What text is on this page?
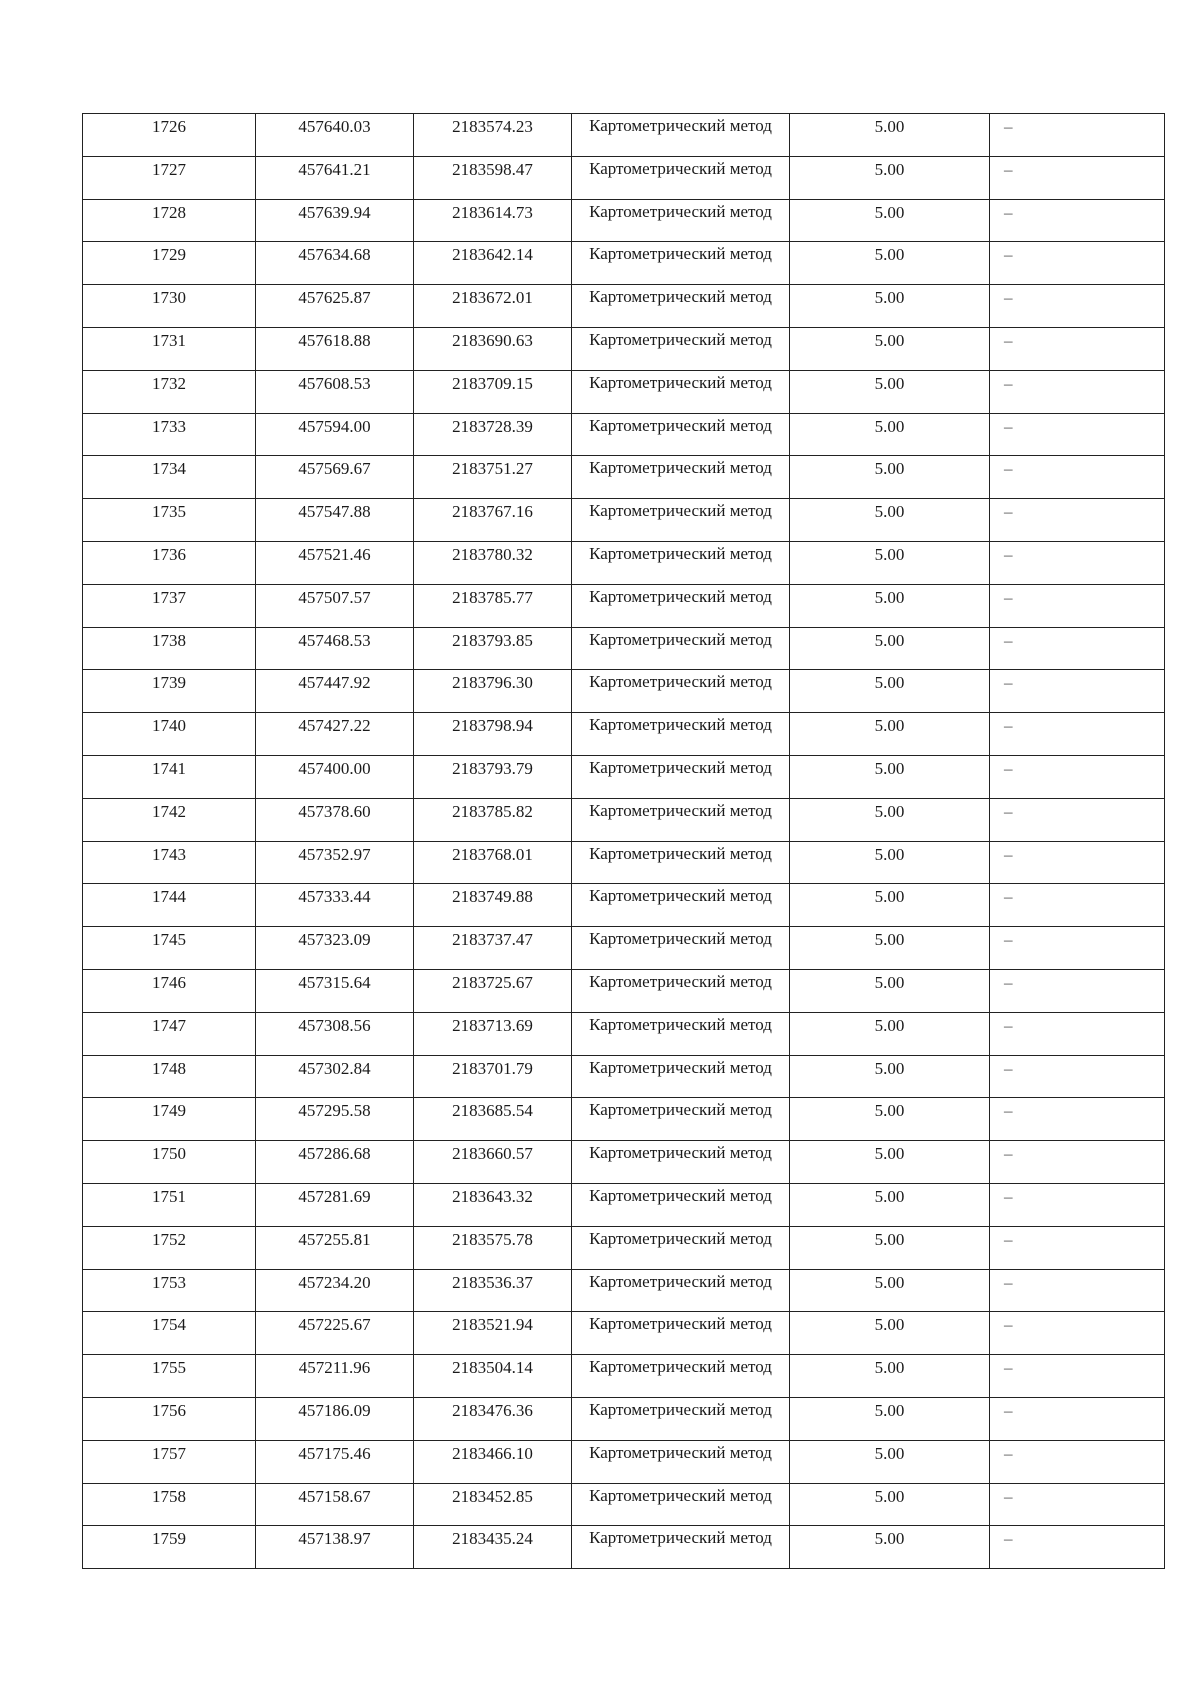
1726	457640.03	2183574.23	Картометрический метод	5.00	–

1727	457641.21	2183598.47	Картометрический метод	5.00	–

1728	457639.94	2183614.73	Картометрический метод	5.00	–

1729	457634.68	2183642.14	Картометрический метод	5.00	–

1730	457625.87	2183672.01	Картометрический метод	5.00	–

1731	457618.88	2183690.63	Картометрический метод	5.00	–

1732	457608.53	2183709.15	Картометрический метод	5.00	–

1733	457594.00	2183728.39	Картометрический метод	5.00	–

1734	457569.67	2183751.27	Картометрический метод	5.00	–

1735	457547.88	2183767.16	Картометрический метод	5.00	–

1736	457521.46	2183780.32	Картометрический метод	5.00	–

1737	457507.57	2183785.77	Картометрический метод	5.00	–

1738	457468.53	2183793.85	Картометрический метод	5.00	–

1739	457447.92	2183796.30	Картометрический метод	5.00	–

1740	457427.22	2183798.94	Картометрический метод	5.00	–

1741	457400.00	2183793.79	Картометрический метод	5.00	–

1742	457378.60	2183785.82	Картометрический метод	5.00	–

1743	457352.97	2183768.01	Картометрический метод	5.00	–

1744	457333.44	2183749.88	Картометрический метод	5.00	–

1745	457323.09	2183737.47	Картометрический метод	5.00	–

1746	457315.64	2183725.67	Картометрический метод	5.00	–

1747	457308.56	2183713.69	Картометрический метод	5.00	–

1748	457302.84	2183701.79	Картометрический метод	5.00	–

1749	457295.58	2183685.54	Картометрический метод	5.00	–

1750	457286.68	2183660.57	Картометрический метод	5.00	–

1751	457281.69	2183643.32	Картометрический метод	5.00	–

1752	457255.81	2183575.78	Картометрический метод	5.00	–

1753	457234.20	2183536.37	Картометрический метод	5.00	–

1754	457225.67	2183521.94	Картометрический метод	5.00	–

1755	457211.96	2183504.14	Картометрический метод	5.00	–

1756	457186.09	2183476.36	Картометрический метод	5.00	–

1757	457175.46	2183466.10	Картометрический метод	5.00	–

1758	457158.67	2183452.85	Картометрический метод	5.00	–

1759	457138.97	2183435.24	Картометрический метод	5.00	–
